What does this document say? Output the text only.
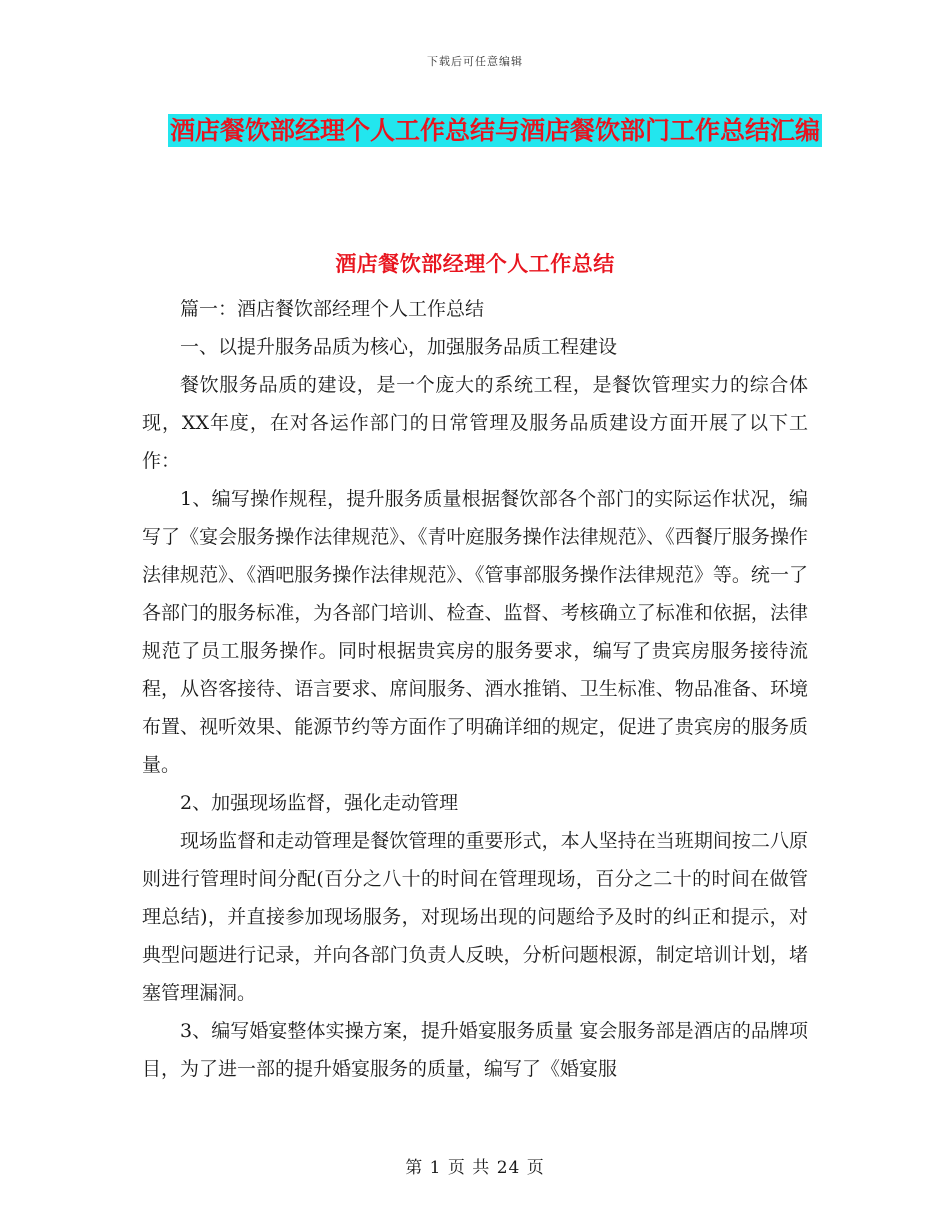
下载后可任意编辑
酒店餐饮部经理个人工作总结与酒店餐饮部门工作总结汇编
酒店餐饮部经理个人工作总结

篇一：酒店餐饮部经理个人工作总结

一、以提升服务品质为核心，加强服务品质工程建设

餐饮服务品质的建设，是一个庞大的系统工程，是餐饮管理实力的综合体现，XX年度，在对各运作部门的日常管理及服务品质建设方面开展了以下工作：

1、编写操作规程，提升服务质量根据餐饮部各个部门的实际运作状况，编写了《宴会服务操作法律规范》、《青叶庭服务操作法律规范》、《西餐厅服务操作法律规范》、《酒吧服务操作法律规范》、《管事部服务操作法律规范》等。统一了各部门的服务标准，为各部门培训、检查、监督、考核确立了标准和依据，法律规范了员工服务操作。同时根据贵宾房的服务要求，编写了贵宾房服务接待流程，从咨客接待、语言要求、席间服务、酒水推销、卫生标准、物品准备、环境布置、视听效果、能源节约等方面作了明确详细的规定，促进了贵宾房的服务质量。

2、加强现场监督，强化走动管理

现场监督和走动管理是餐饮管理的重要形式，本人坚持在当班期间按二八原则进行管理时间分配(百分之八十的时间在管理现场，百分之二十的时间在做管理总结)，并直接参加现场服务，对现场出现的问题给予及时的纠正和提示，对典型问题进行记录，并向各部门负责人反映，分析问题根源，制定培训计划，堵塞管理漏洞。

3、编写婚宴整体实操方案，提升婚宴服务质量 宴会服务部是酒店的品牌项目，为了进一部的提升婚宴服务的质量，编写了《婚宴服

第 1 页 共 24 页
